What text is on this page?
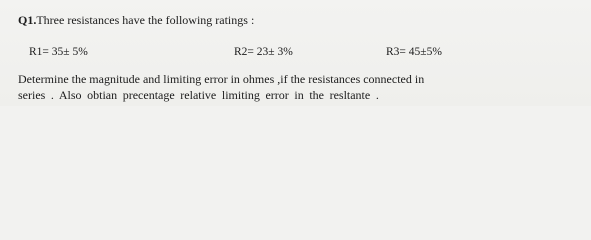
Q1.Three resistances have the following ratings :
R1= 35± 5%	R2= 23± 3%	R3= 45±5%
Determine the magnitude and limiting error in ohmes ,if the resistances connected in
series . Also obtian precentage relative limiting error in the resltante .
